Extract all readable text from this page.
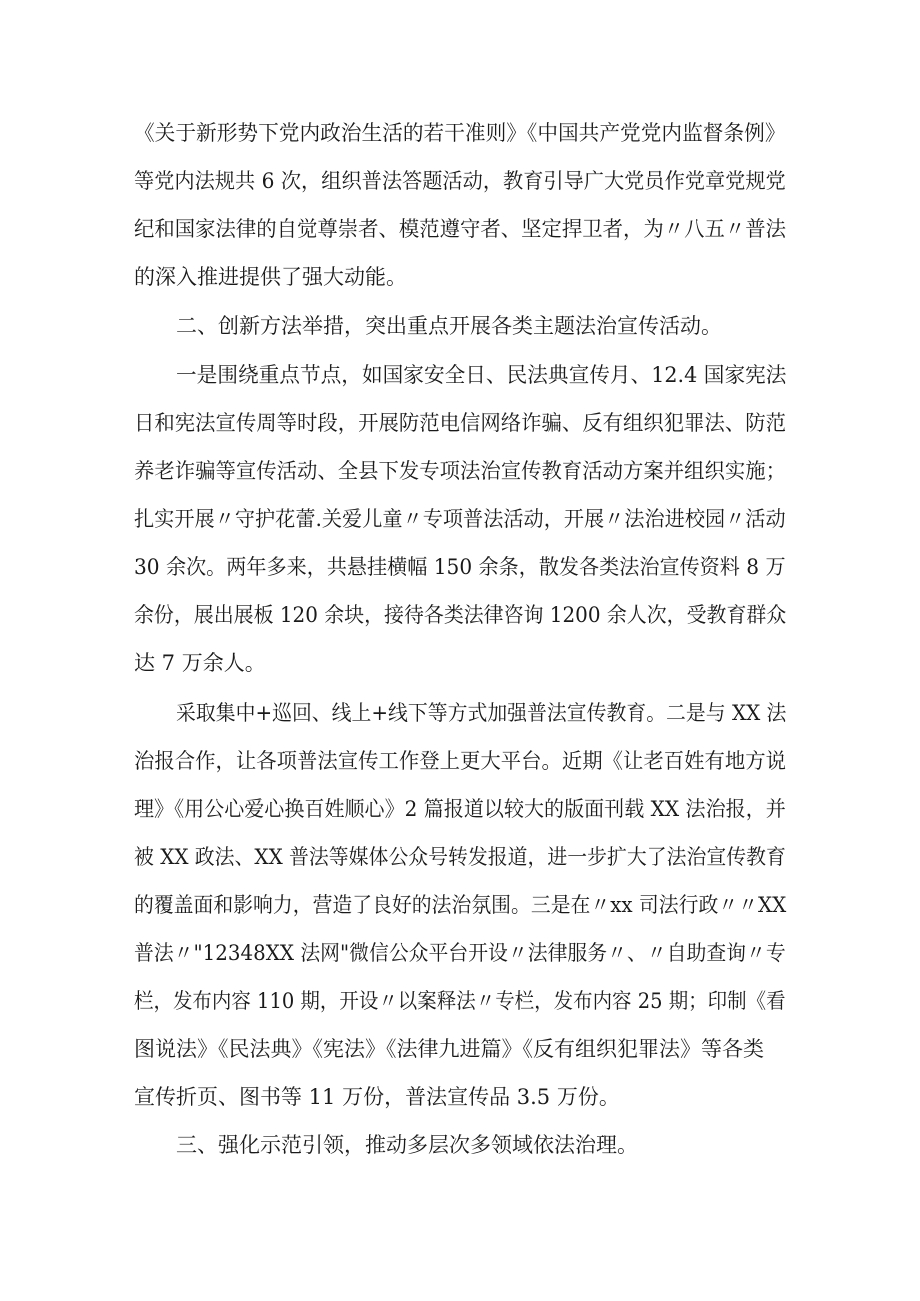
《关于新形势下党内政治生活的若干准则》《中国共产党党内监督条例》
等党内法规共 6 次，组织普法答题活动，教育引导广大党员作党章党规党
纪和国家法律的自觉尊崇者、模范遵守者、坚定捍卫者，为〃八五〃普法
的深入推进提供了强大动能。
二、创新方法举措，突出重点开展各类主题法治宣传活动。
一是围绕重点节点，如国家安全日、民法典宣传月、12.4 国家宪法
日和宪法宣传周等时段，开展防范电信网络诈骗、反有组织犯罪法、防范
养老诈骗等宣传活动、全县下发专项法治宣传教育活动方案并组织实施；
扎实开展〃守护花蕾.关爱儿童〃专项普法活动，开展〃法治进校园〃活动
30 余次。两年多来，共悬挂横幅 150 余条，散发各类法治宣传资料 8 万
余份，展出展板 120 余块，接待各类法律咨询 1200 余人次，受教育群众
达 7 万余人。
采取集中+巡回、线上+线下等方式加强普法宣传教育。二是与 XX 法
治报合作，让各项普法宣传工作登上更大平台。近期《让老百姓有地方说
理》《用公心爱心换百姓顺心》2 篇报道以较大的版面刊载 XX 法治报，并
被 XX 政法、XX 普法等媒体公众号转发报道，进一步扩大了法治宣传教育
的覆盖面和影响力，营造了良好的法治氛围。三是在〃xx 司法行政〃〃XX
普法〃"12348XX 法网"微信公众平台开设〃法律服务〃、〃自助查询〃专
栏，发布内容 110 期，开设〃以案释法〃专栏，发布内容 25 期；印制《看
图说法》《民法典》《宪法》《法律九进篇》《反有组织犯罪法》等各类
宣传折页、图书等 11 万份，普法宣传品 3.5 万份。
三、强化示范引领，推动多层次多领域依法治理。
